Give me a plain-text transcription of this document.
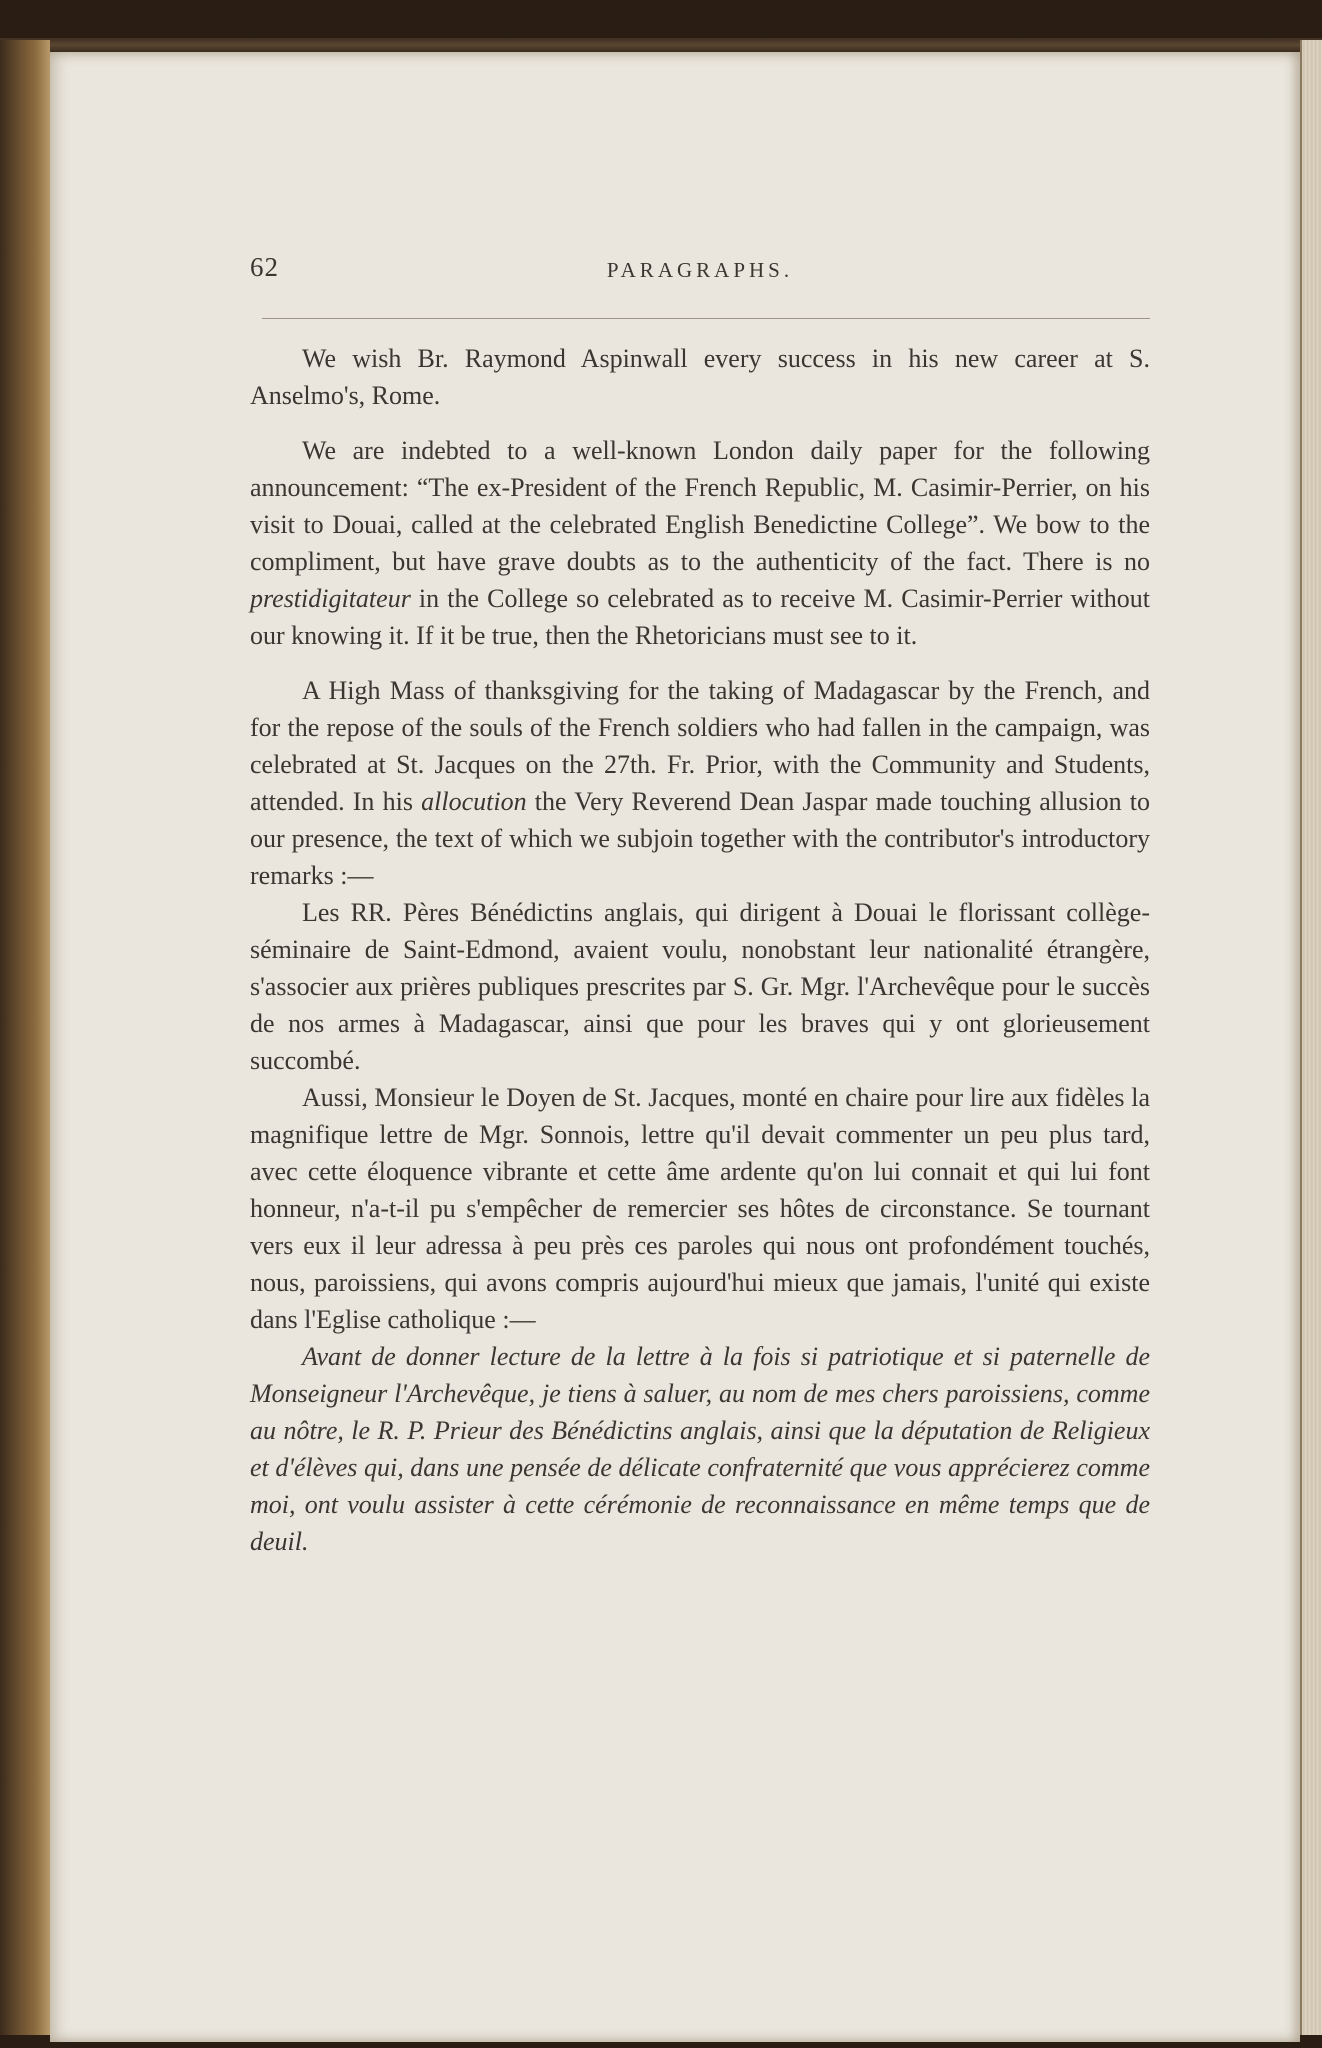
62	PARAGRAPHS.

We wish Br. Raymond Aspinwall every success in his new career at S. Anselmo's, Rome.

We are indebted to a well-known London daily paper for the following announcement: “The ex-President of the French Republic, M. Casimir-Perrier, on his visit to Douai, called at the celebrated English Benedictine College”. We bow to the compliment, but have grave doubts as to the authenticity of the fact. There is no prestidigitateur in the College so celebrated as to receive M. Casimir-Perrier without our knowing it. If it be true, then the Rhetoricians must see to it.

A High Mass of thanksgiving for the taking of Madagascar by the French, and for the repose of the souls of the French soldiers who had fallen in the campaign, was celebrated at St. Jacques on the 27th. Fr. Prior, with the Community and Students, attended. In his allocution the Very Reverend Dean Jaspar made touching allusion to our presence, the text of which we subjoin together with the contributor's introductory remarks :—

Les RR. Pères Bénédictins anglais, qui dirigent à Douai le florissant collège-séminaire de Saint-Edmond, avaient voulu, nonobstant leur nationalité étrangère, s'associer aux prières publiques prescrites par S. Gr. Mgr. l'Archevêque pour le succès de nos armes à Madagascar, ainsi que pour les braves qui y ont glorieusement succombé.

Aussi, Monsieur le Doyen de St. Jacques, monté en chaire pour lire aux fidèles la magnifique lettre de Mgr. Sonnois, lettre qu'il devait commenter un peu plus tard, avec cette éloquence vibrante et cette âme ardente qu'on lui connait et qui lui font honneur, n'a-t-il pu s'empêcher de remercier ses hôtes de circonstance. Se tournant vers eux il leur adressa à peu près ces paroles qui nous ont profondément touchés, nous, paroissiens, qui avons compris aujourd'hui mieux que jamais, l'unité qui existe dans l'Eglise catholique :—

Avant de donner lecture de la lettre à la fois si patriotique et si paternelle de Monseigneur l'Archevêque, je tiens à saluer, au nom de mes chers paroissiens, comme au nôtre, le R. P. Prieur des Bénédictins anglais, ainsi que la députation de Religieux et d'élèves qui, dans une pensée de délicate confraternité que vous apprécierez comme moi, ont voulu assister à cette cérémonie de reconnaissance en même temps que de deuil.
